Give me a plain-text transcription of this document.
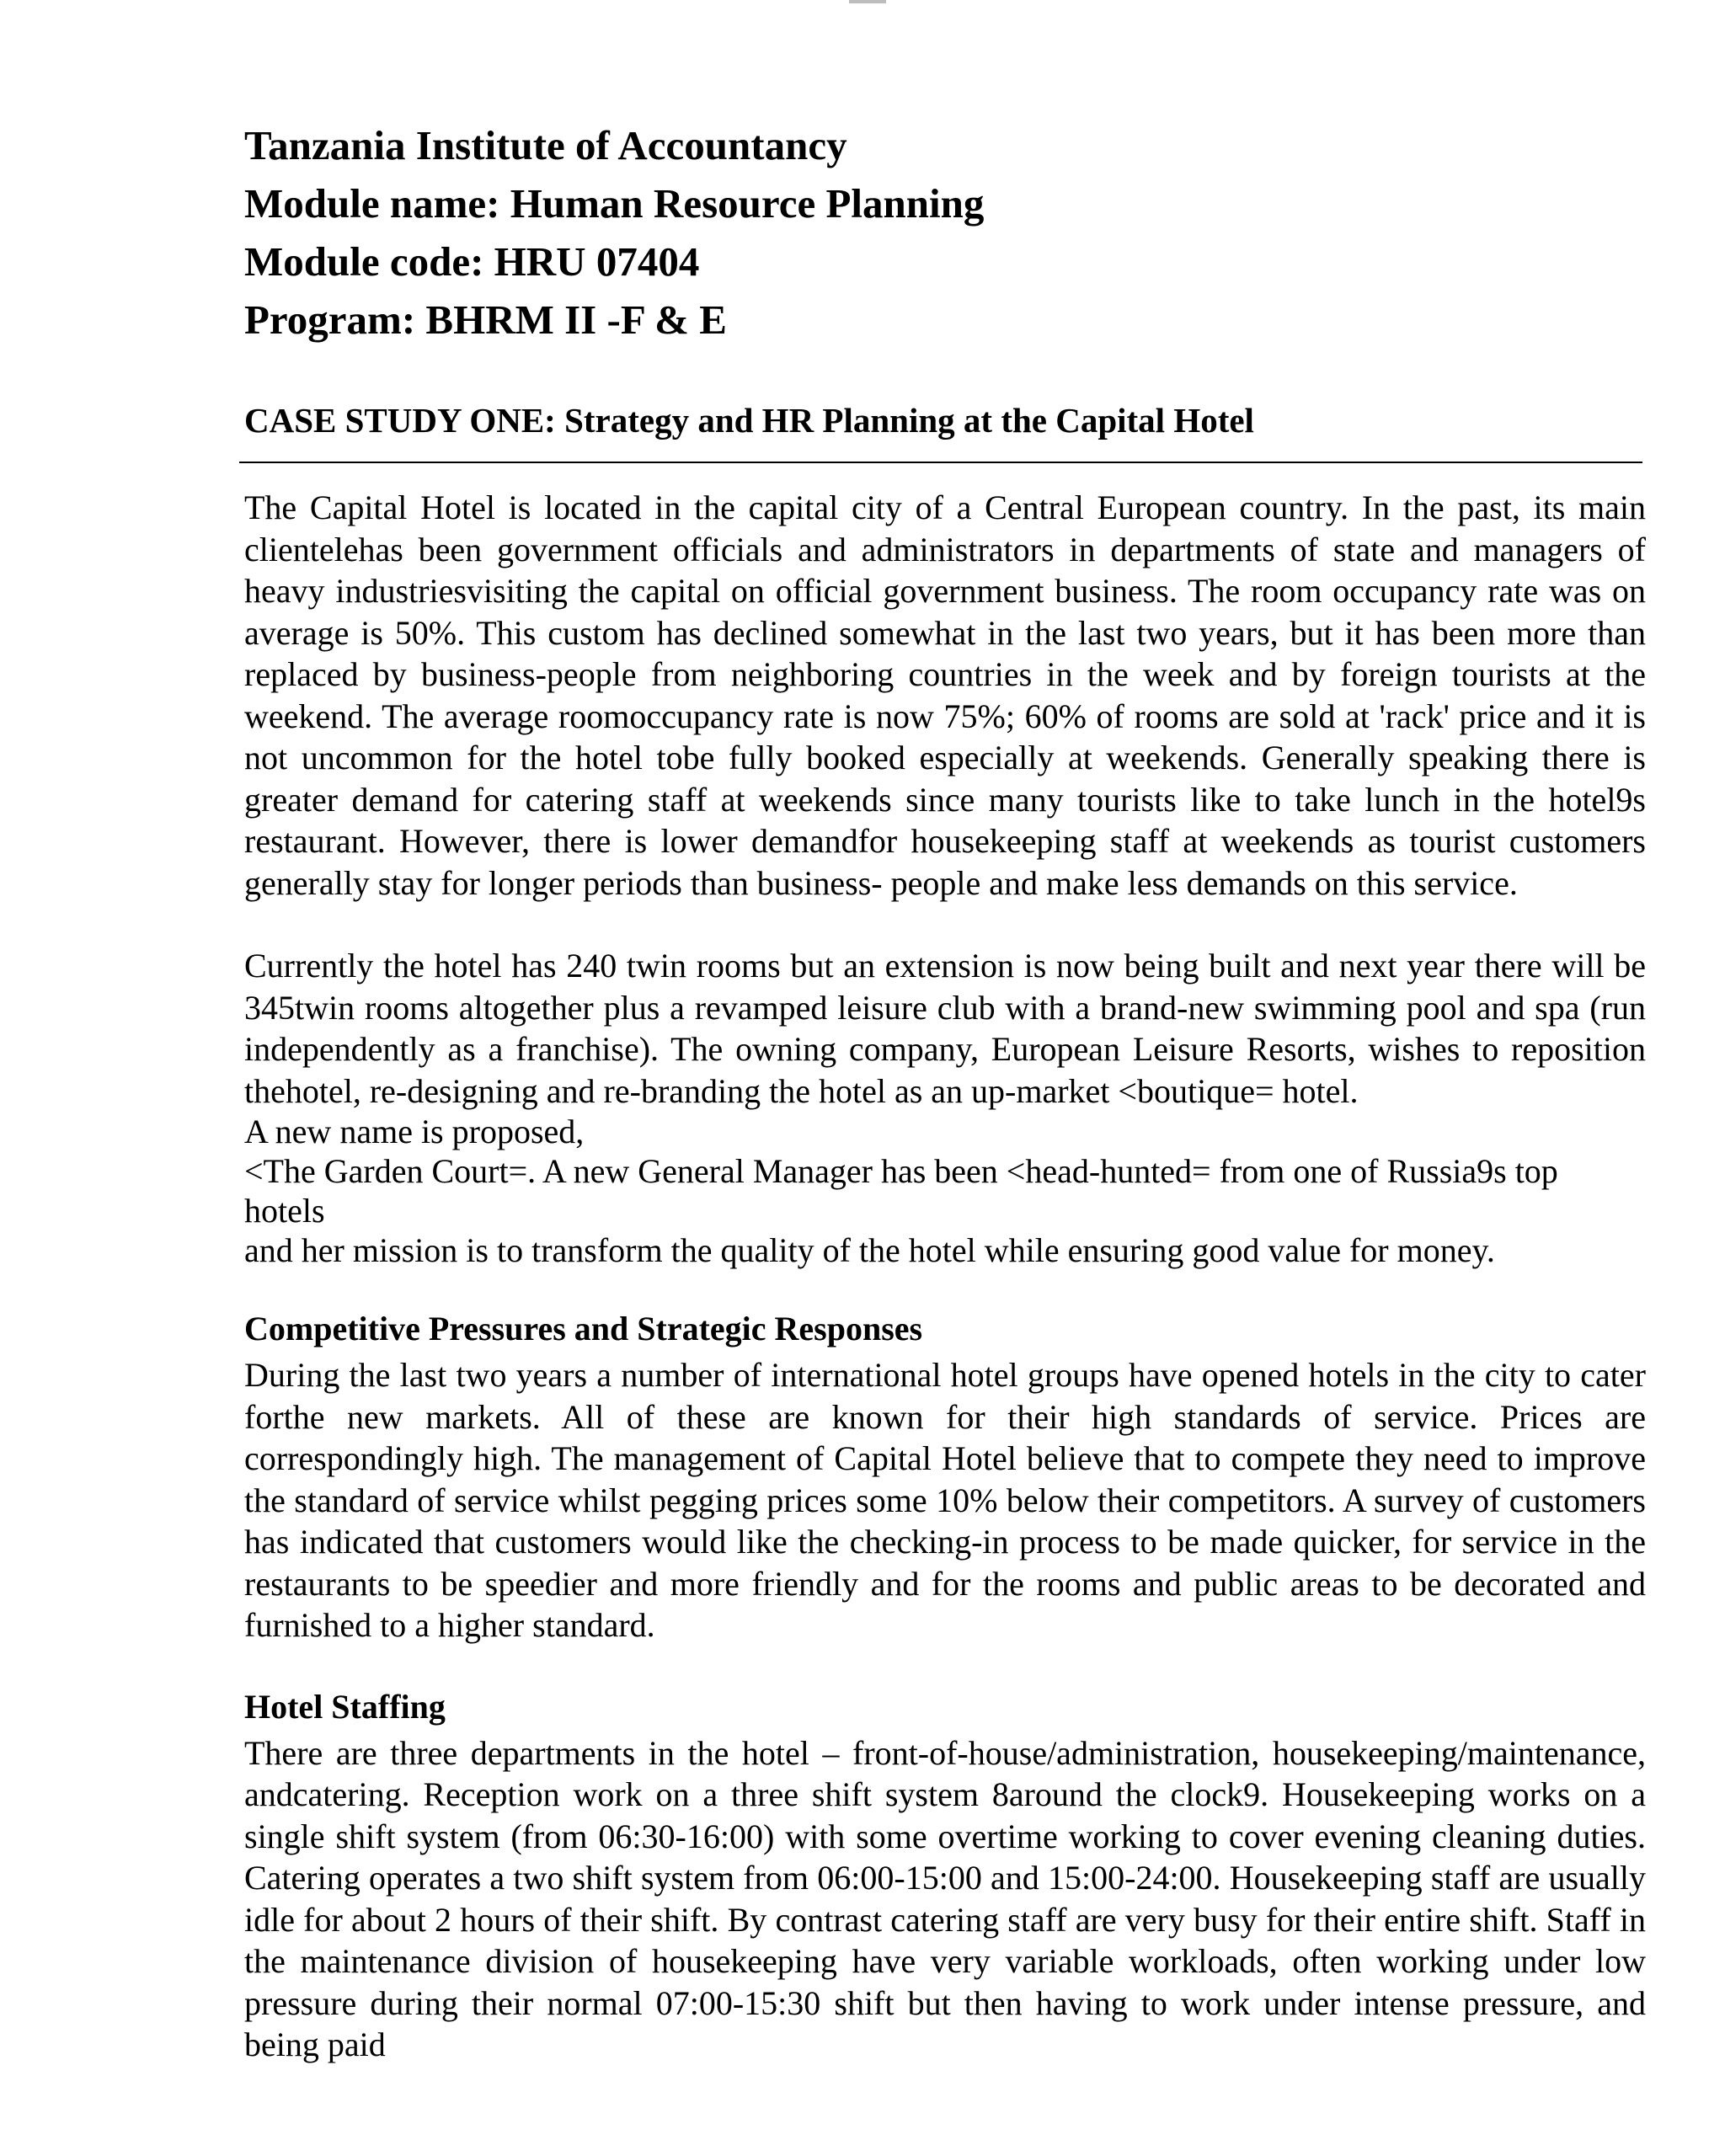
Tanzania Institute of Accountancy

Module name: Human Resource Planning

Module code: HRU 07404

Program: BHRM II -F & E

CASE STUDY ONE: Strategy and HR Planning at the Capital Hotel

The Capital Hotel is located in the capital city of a Central European country. In the past, its main clientelehas been government officials and administrators in departments of state and managers of heavy industriesvisiting the capital on official government business. The room occupancy rate was on average is 50%. This custom has declined somewhat in the last two years, but it has been more than replaced by business-people from neighboring countries in the week and by foreign tourists at the weekend. The average roomoccupancy rate is now 75%; 60% of rooms are sold at 'rack' price and it is not uncommon for the hotel tobe fully booked especially at weekends. Generally speaking there is greater demand for catering staff at weekends since many tourists like to take lunch in the hotel9s restaurant. However, there is lower demandfor housekeeping staff at weekends as tourist customers generally stay for longer periods than business- people and make less demands on this service.

Currently the hotel has 240 twin rooms but an extension is now being built and next year there will be 345twin rooms altogether plus a revamped leisure club with a brand-new swimming pool and spa (run independently as a franchise). The owning company, European Leisure Resorts, wishes to reposition thehotel, re-designing and re-branding the hotel as an up-market <boutique= hotel.

A new name is proposed,

<The Garden Court=. A new General Manager has been <head-hunted= from one of Russia9s top

hotels

and her mission is to transform the quality of the hotel while ensuring good value for money.

Competitive Pressures and Strategic Responses

During the last two years a number of international hotel groups have opened hotels in the city to cater forthe new markets. All of these are known for their high standards of service. Prices are correspondingly high. The management of Capital Hotel believe that to compete they need to improve the standard of service whilst pegging prices some 10% below their competitors. A survey of customers has indicated that customers would like the checking-in process to be made quicker, for service in the restaurants to be speedier and more friendly and for the rooms and public areas to be decorated and furnished to a higher standard.

Hotel Staffing

There are three departments in the hotel – front-of-house/administration, housekeeping/maintenance, andcatering. Reception work on a three shift system 8around the clock9. Housekeeping works on a single shift system (from 06:30-16:00) with some overtime working to cover evening cleaning duties. Catering operates a two shift system from 06:00-15:00 and 15:00-24:00. Housekeeping staff are usually idle for about 2 hours of their shift. By contrast catering staff are very busy for their entire shift. Staff in the maintenance division of housekeeping have very variable workloads, often working under low pressure during their normal 07:00-15:30 shift but then having to work under intense pressure, and being paid
